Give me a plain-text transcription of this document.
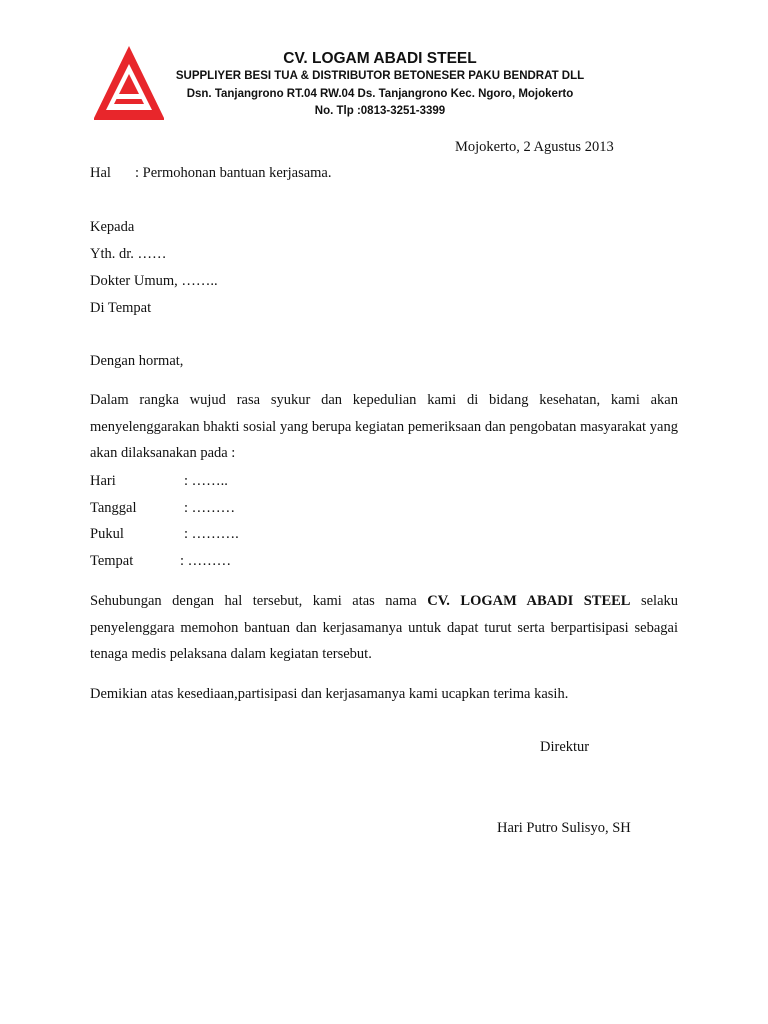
CV. LOGAM ABADI STEEL
SUPPLIYER BESI TUA & DISTRIBUTOR BETONESER PAKU BENDRAT DLL
Dsn. Tanjangrono RT.04 RW.04 Ds. Tanjangrono Kec. Ngoro, Mojokerto
No. Tlp :0813-3251-3399
Mojokerto, 2 Agustus 2013
Hal : Permohonan bantuan kerjasama.
Kepada
Yth. dr. ……
Dokter Umum, ……..
Di Tempat
Dengan hormat,
Dalam rangka wujud rasa syukur dan kepedulian kami di bidang kesehatan, kami akan menyelenggarakan bhakti sosial yang berupa kegiatan pemeriksaan dan pengobatan masyarakat yang akan dilaksanakan pada :
Hari	: ……..
Tanggal	: ………
Pukul	: ……….
Tempat	: ………
Sehubungan dengan hal tersebut, kami atas nama CV. LOGAM ABADI STEEL selaku penyelenggara memohon bantuan dan kerjasamanya untuk dapat turut serta berpartisipasi sebagai tenaga medis pelaksana dalam kegiatan tersebut.
Demikian atas kesediaan,partisipasi dan kerjasamanya kami ucapkan terima kasih.
Direktur
Hari Putro Sulisyo, SH
